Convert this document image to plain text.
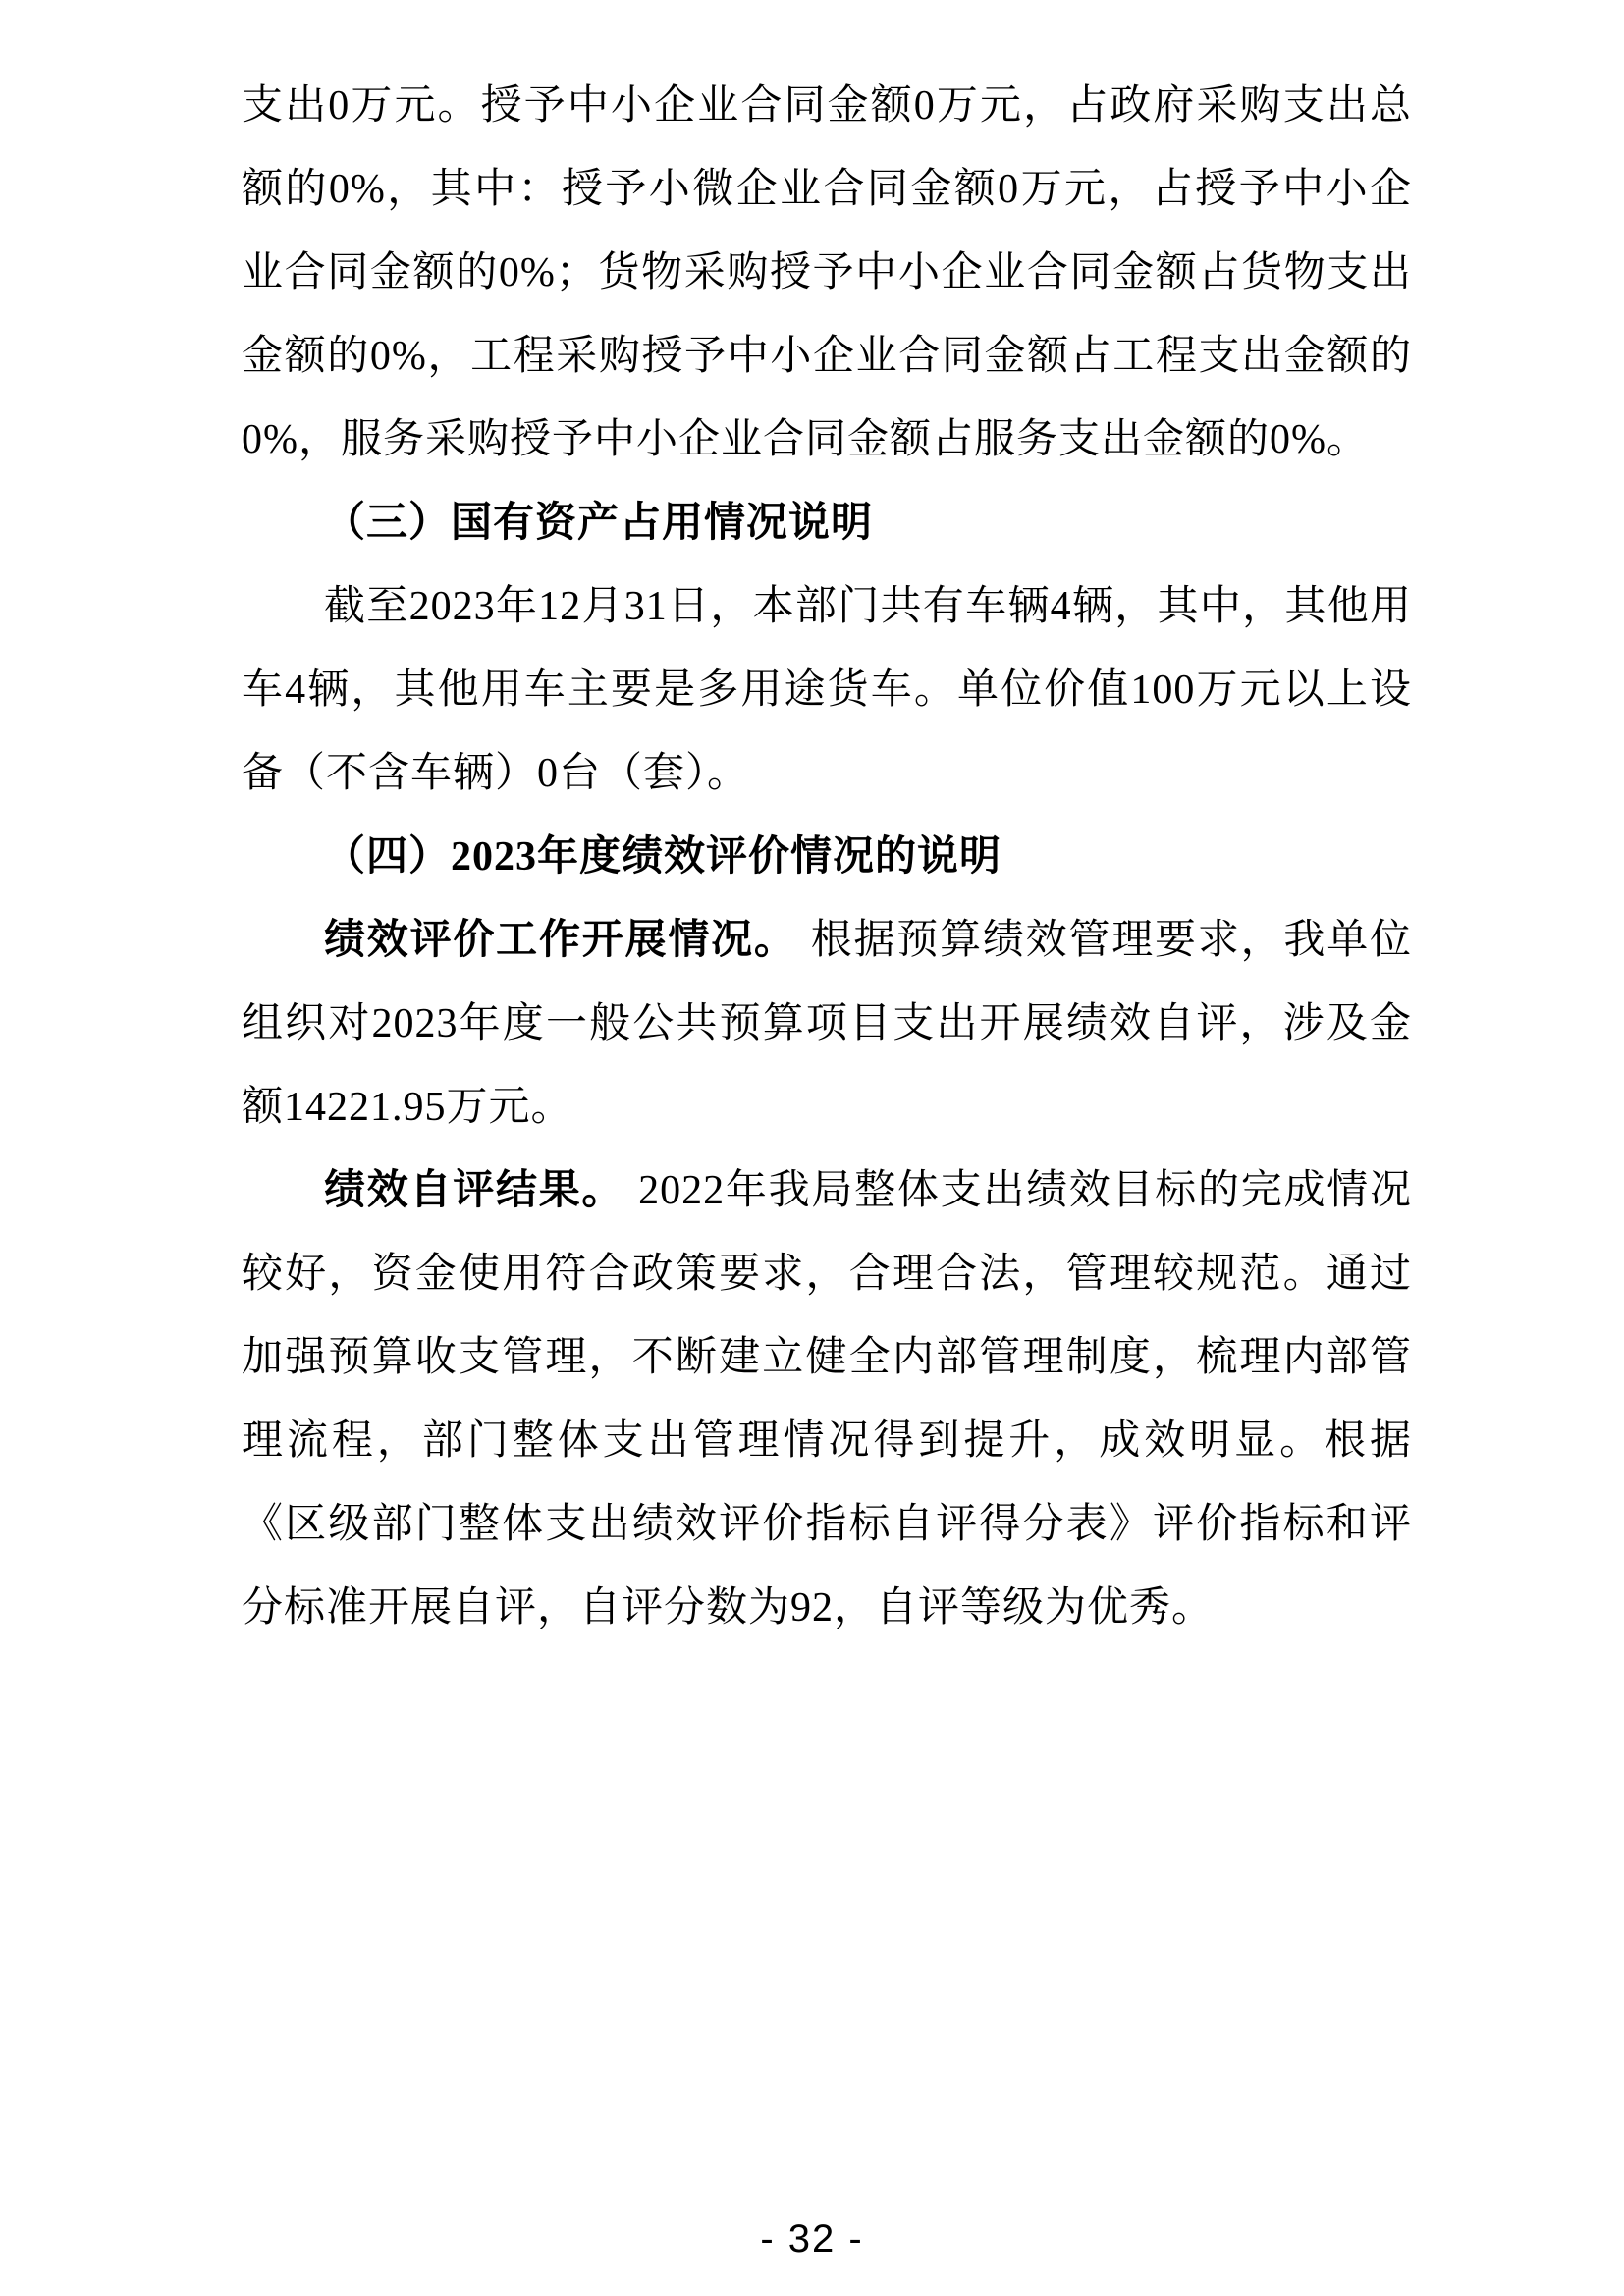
支出0万元。授予中小企业合同金额0万元，占政府采购支出总额的0%，其中：授予小微企业合同金额0万元，占授予中小企业合同金额的0%；货物采购授予中小企业合同金额占货物支出金额的0%，工程采购授予中小企业合同金额占工程支出金额的0%，服务采购授予中小企业合同金额占服务支出金额的0%。

（三）国有资产占用情况说明

截至2023年12月31日，本部门共有车辆4辆，其中，其他用车4辆，其他用车主要是多用途货车。单位价值100万元以上设备（不含车辆）0台（套）。

（四）2023年度绩效评价情况的说明

绩效评价工作开展情况。 根据预算绩效管理要求，我单位组织对2023年度一般公共预算项目支出开展绩效自评，涉及金额14221.95万元。

绩效自评结果。 2022年我局整体支出绩效目标的完成情况较好，资金使用符合政策要求，合理合法，管理较规范。通过加强预算收支管理，不断建立健全内部管理制度，梳理内部管理流程，部门整体支出管理情况得到提升，成效明显。根据《区级部门整体支出绩效评价指标自评得分表》评价指标和评分标准开展自评，自评分数为92，自评等级为优秀。

- 32 -
